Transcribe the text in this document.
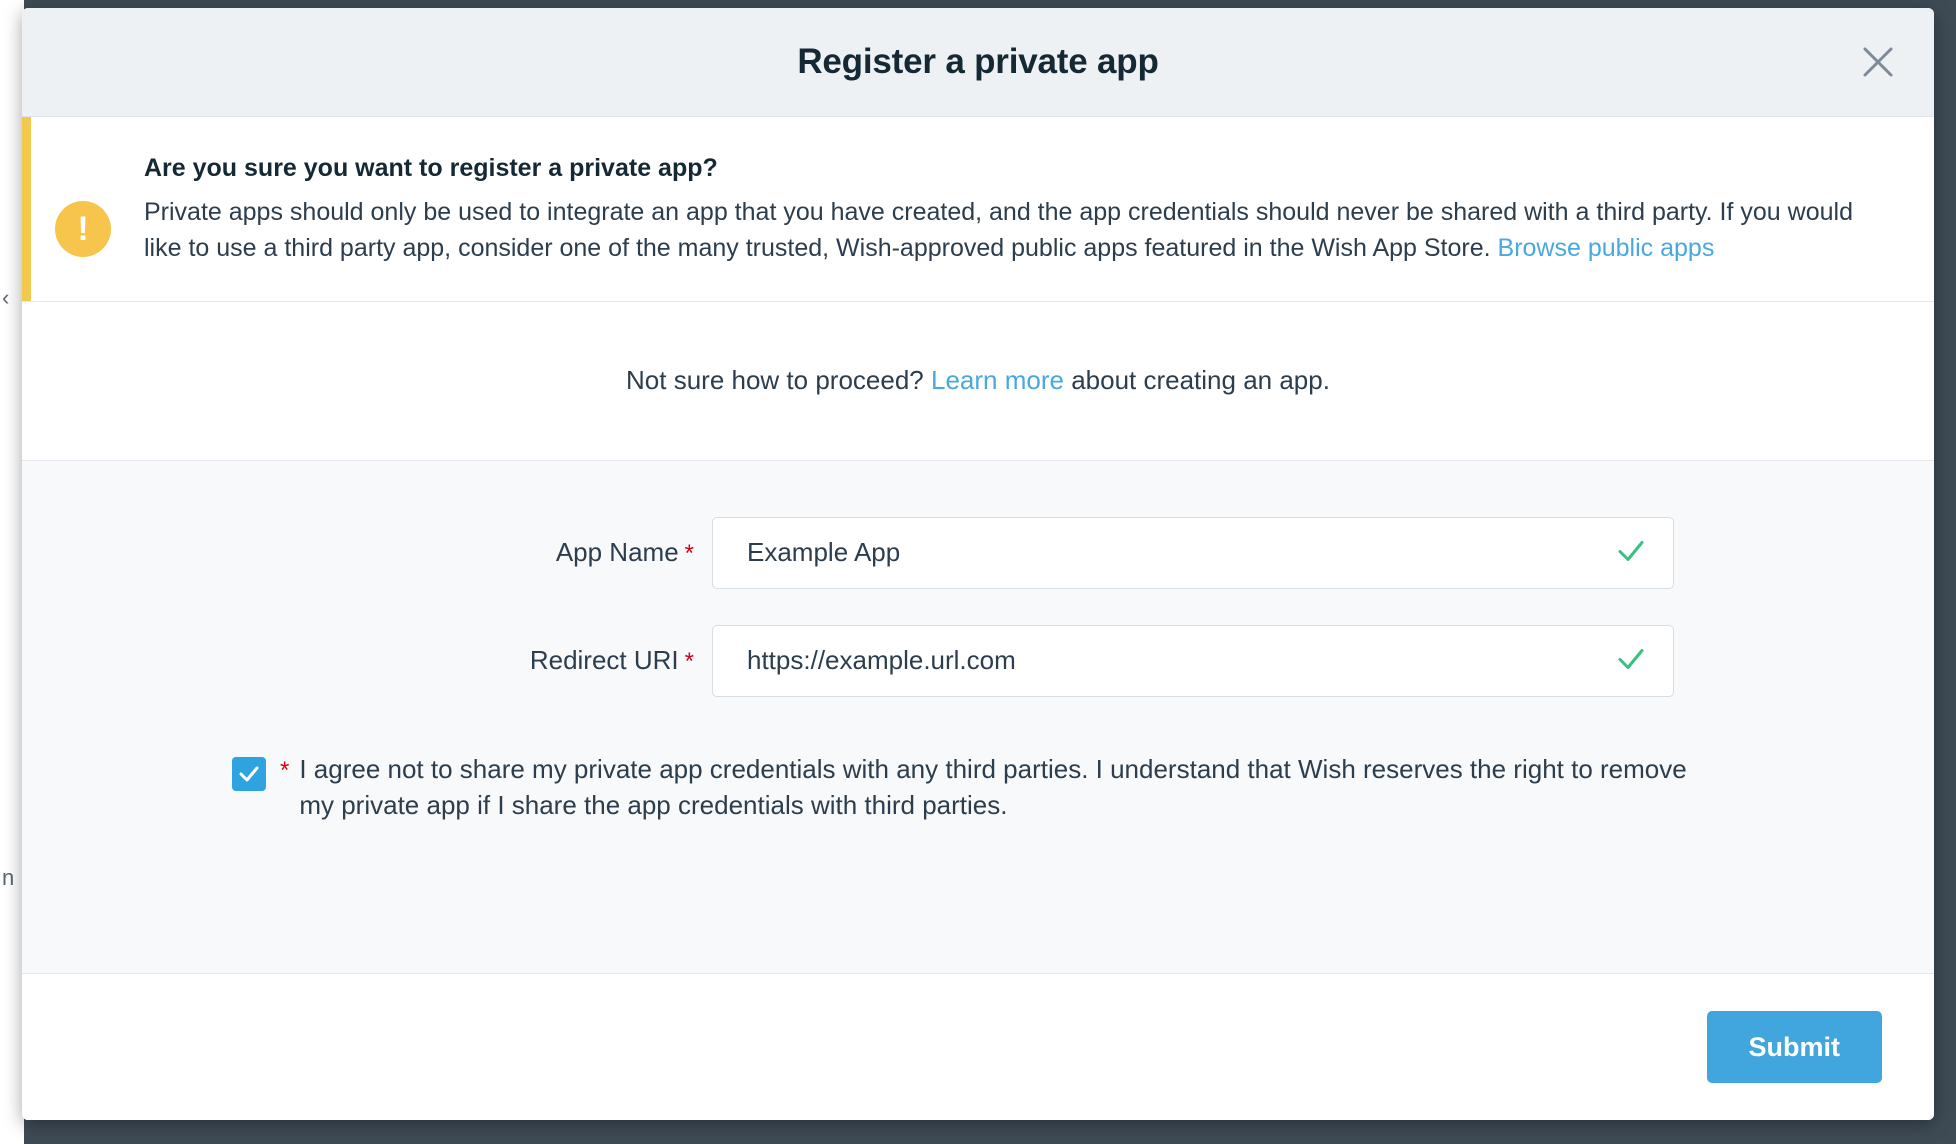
‹
n
Register a private app
!
Are you sure you want to register a private app?
Private apps should only be used to integrate an app that you have created, and the app credentials should never be shared with a third party. If you would like to use a third party app, consider one of the many trusted, Wish-approved public apps featured in the Wish App Store. Browse public apps
Not sure how to proceed? Learn more about creating an app.
App Name *
Example App
Redirect URI *
https://example.url.com
* I agree not to share my private app credentials with any third parties. I understand that Wish reserves the right to remove my private app if I share the app credentials with third parties.
Submit
